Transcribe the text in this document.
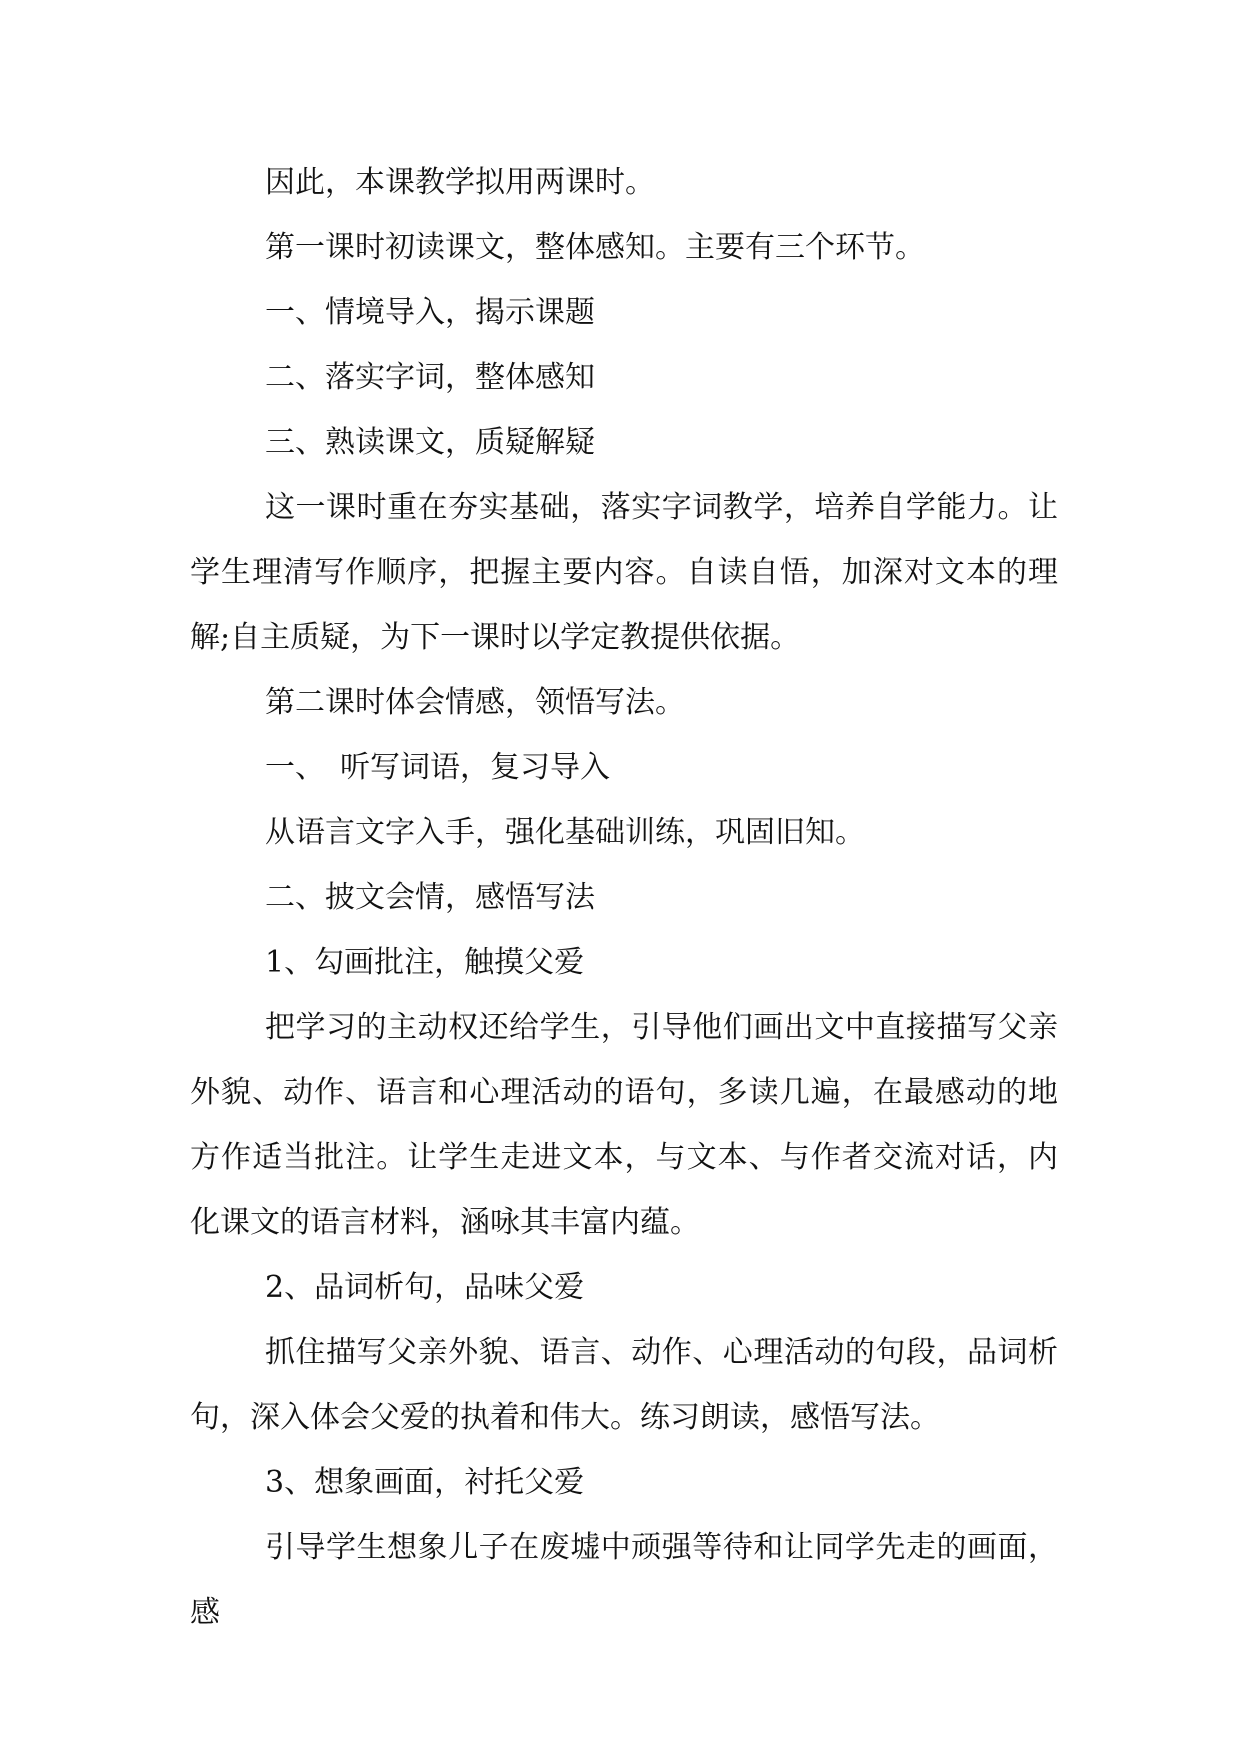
因此，本课教学拟用两课时。

第一课时初读课文，整体感知。主要有三个环节。

一、情境导入，揭示课题

二、落实字词，整体感知

三、熟读课文，质疑解疑

这一课时重在夯实基础，落实字词教学，培养自学能力。让学生理清写作顺序，把握主要内容。自读自悟，加深对文本的理解;自主质疑，为下一课时以学定教提供依据。

第二课时体会情感，领悟写法。

一、　听写词语，复习导入

从语言文字入手，强化基础训练，巩固旧知。

二、披文会情，感悟写法

1、勾画批注，触摸父爱

把学习的主动权还给学生，引导他们画出文中直接描写父亲外貌、动作、语言和心理活动的语句，多读几遍，在最感动的地方作适当批注。让学生走进文本，与文本、与作者交流对话，内化课文的语言材料，涵咏其丰富内蕴。

2、品词析句，品味父爱

抓住描写父亲外貌、语言、动作、心理活动的句段，品词析句，深入体会父爱的执着和伟大。练习朗读，感悟写法。

3、想象画面，衬托父爱

引导学生想象儿子在废墟中顽强等待和让同学先走的画面，感
